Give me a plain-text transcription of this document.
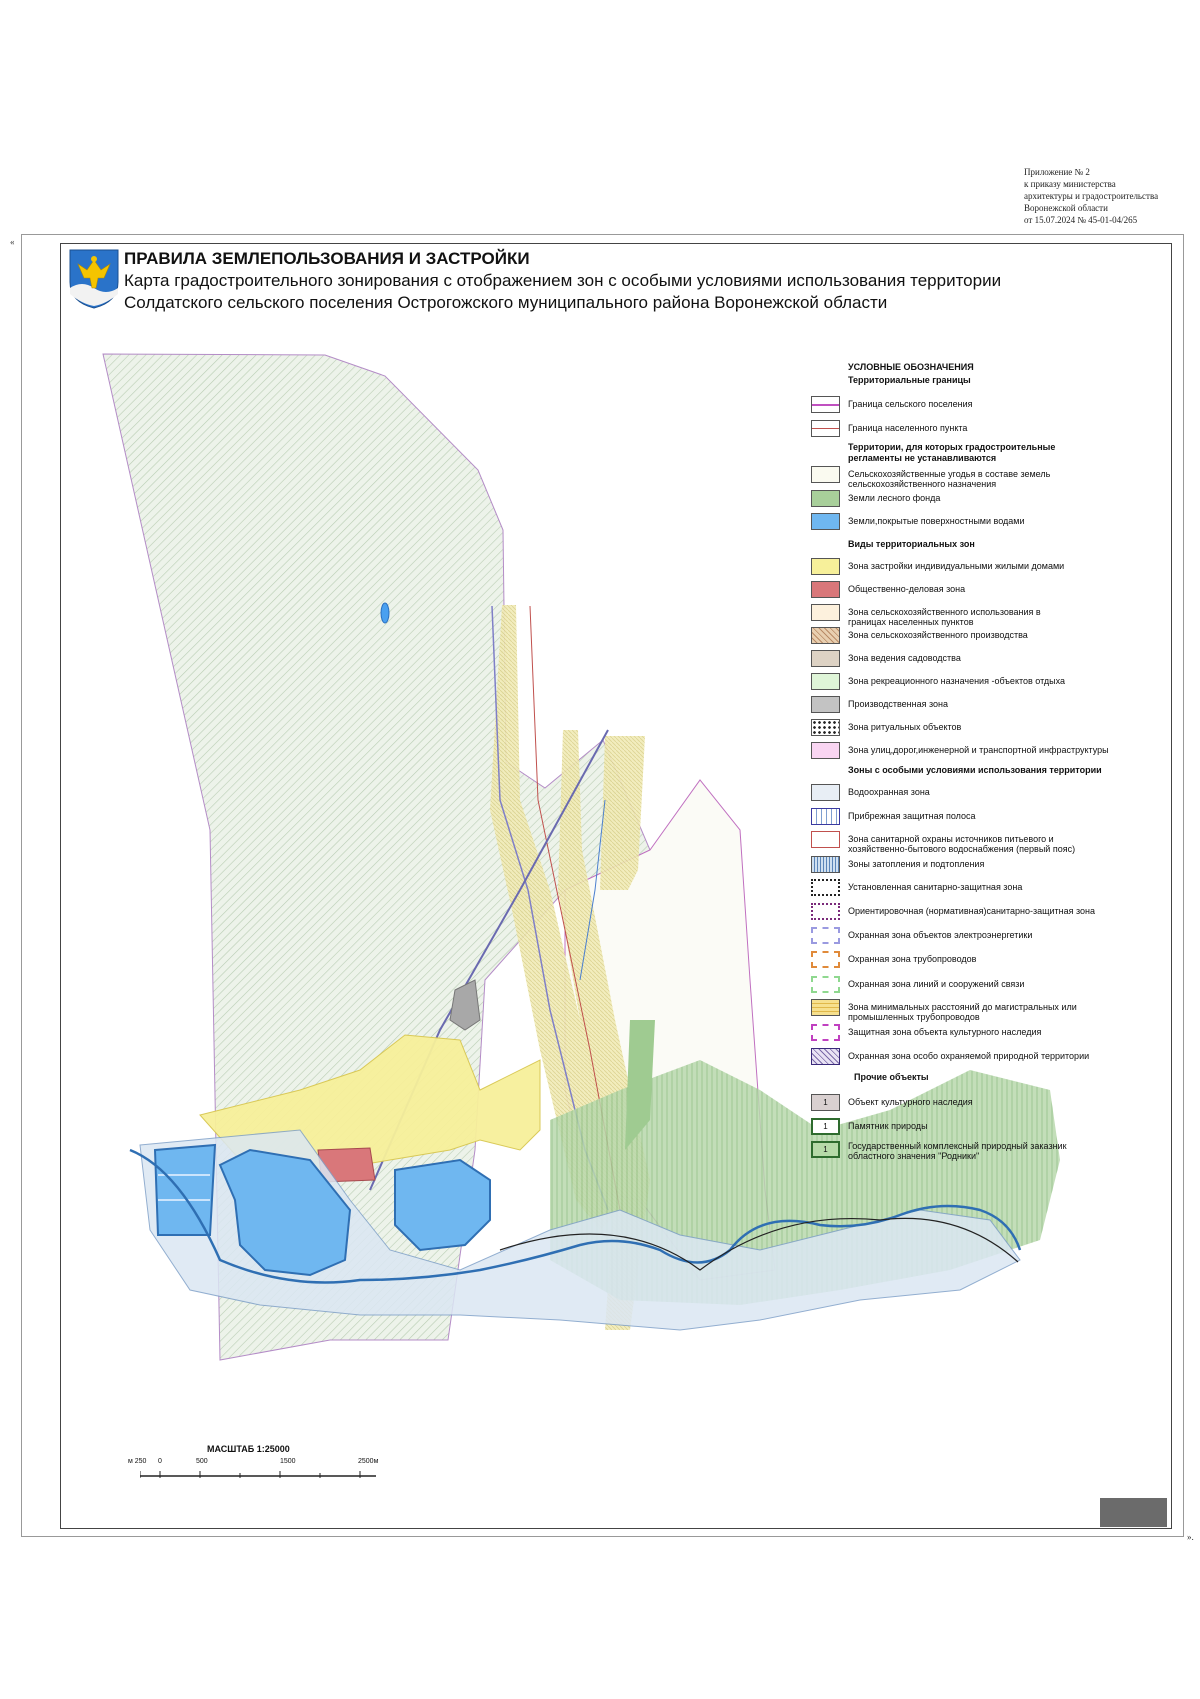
Приложение № 2
к приказу министерства
архитектуры и градостроительства
Воронежской области
от 15.07.2024 № 45-01-04/265
«
».
ПРАВИЛА ЗЕМЛЕПОЛЬЗОВАНИЯ И ЗАСТРОЙКИ
Карта градостроительного зонирования с отображением зон с особыми условиями использования территории
Солдатского сельского поселения Острогожского муниципального района Воронежской области
УСЛОВНЫЕ ОБОЗНАЧЕНИЯ
Территориальные границы
Граница сельского поселения
Граница населенного пункта
Территории, для которых градостроительные регламенты не устанавливаются
Сельскохозяйственные угодья в составе земель сельскохозяйственного назначения
Земли лесного фонда
Земли,покрытые поверхностными водами
Виды территориальных зон
Зона застройки индивидуальными жилыми домами
Общественно-деловая зона
Зона сельскохозяйственного использования в границах населенных пунктов
Зона сельскохозяйственного производства
Зона ведения садоводства
Зона рекреационного назначения -объектов отдыха
Производственная зона
Зона ритуальных объектов
Зона улиц,дорог,инженерной и транспортной инфраструктуры
Зоны с особыми условиями использования территории
Водоохранная зона
Прибрежная защитная полоса
Зона санитарной охраны источников питьевого и хозяйственно-бытового водоснабжения (первый пояс)
Зоны затопления и подтопления
Установленная санитарно-защитная зона
Ориентировочная (нормативная)санитарно-защитная зона
Охранная зона объектов электроэнергетики
Охранная зона трубопроводов
Охранная зона линий и сооружений связи
Зона минимальных расстояний до магистральных или промышленных трубопроводов
Защитная зона объекта культурного наследия
Охранная зона особо охраняемой природной территории
Прочие объекты
1	Объект культурного наследия
1	Памятник природы
1	Государственный комплексный природный заказник областного значения "Родники"
МАСШТАБ 1:25000
м 250 0	500	1500	2500м
